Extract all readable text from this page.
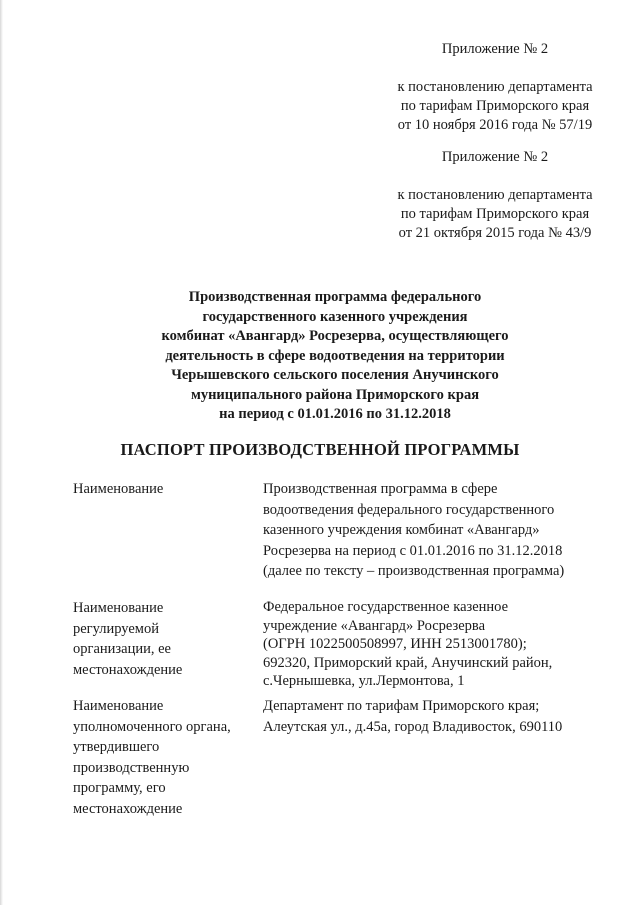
Приложение № 2
к постановлению департамента
по тарифам Приморского края
от 10 ноября 2016 года № 57/19
Приложение № 2
к постановлению департамента
по тарифам Приморского края
от 21 октября 2015 года № 43/9
Производственная программа федерального
государственного казенного учреждения
комбинат «Авангард» Росрезерва, осуществляющего
деятельность в сфере водоотведения на территории
Черышевского сельского поселения Анучинского
муниципального района Приморского края
на период с 01.01.2016 по 31.12.2018
ПАСПОРТ ПРОИЗВОДСТВЕННОЙ ПРОГРАММЫ
Наименование	Производственная программа в сфере
водоотведения федерального государственного
казенного учреждения комбинат «Авангард»
Росрезерва на период с 01.01.2016 по 31.12.2018
(далее по тексту – производственная программа)
Наименование
регулируемой
организации, ее
местонахождение
Федеральное государственное казенное
учреждение «Авангард» Росрезерва
(ОГРН 1022500508997, ИНН 2513001780);
692320, Приморский край, Анучинский район,
с.Чернышевка, ул.Лермонтова, 1
Наименование
уполномоченного органа,
утвердившего
производственную
программу, его
местонахождение
Департамент по тарифам Приморского края;
Алеутская ул., д.45а, город Владивосток, 690110
